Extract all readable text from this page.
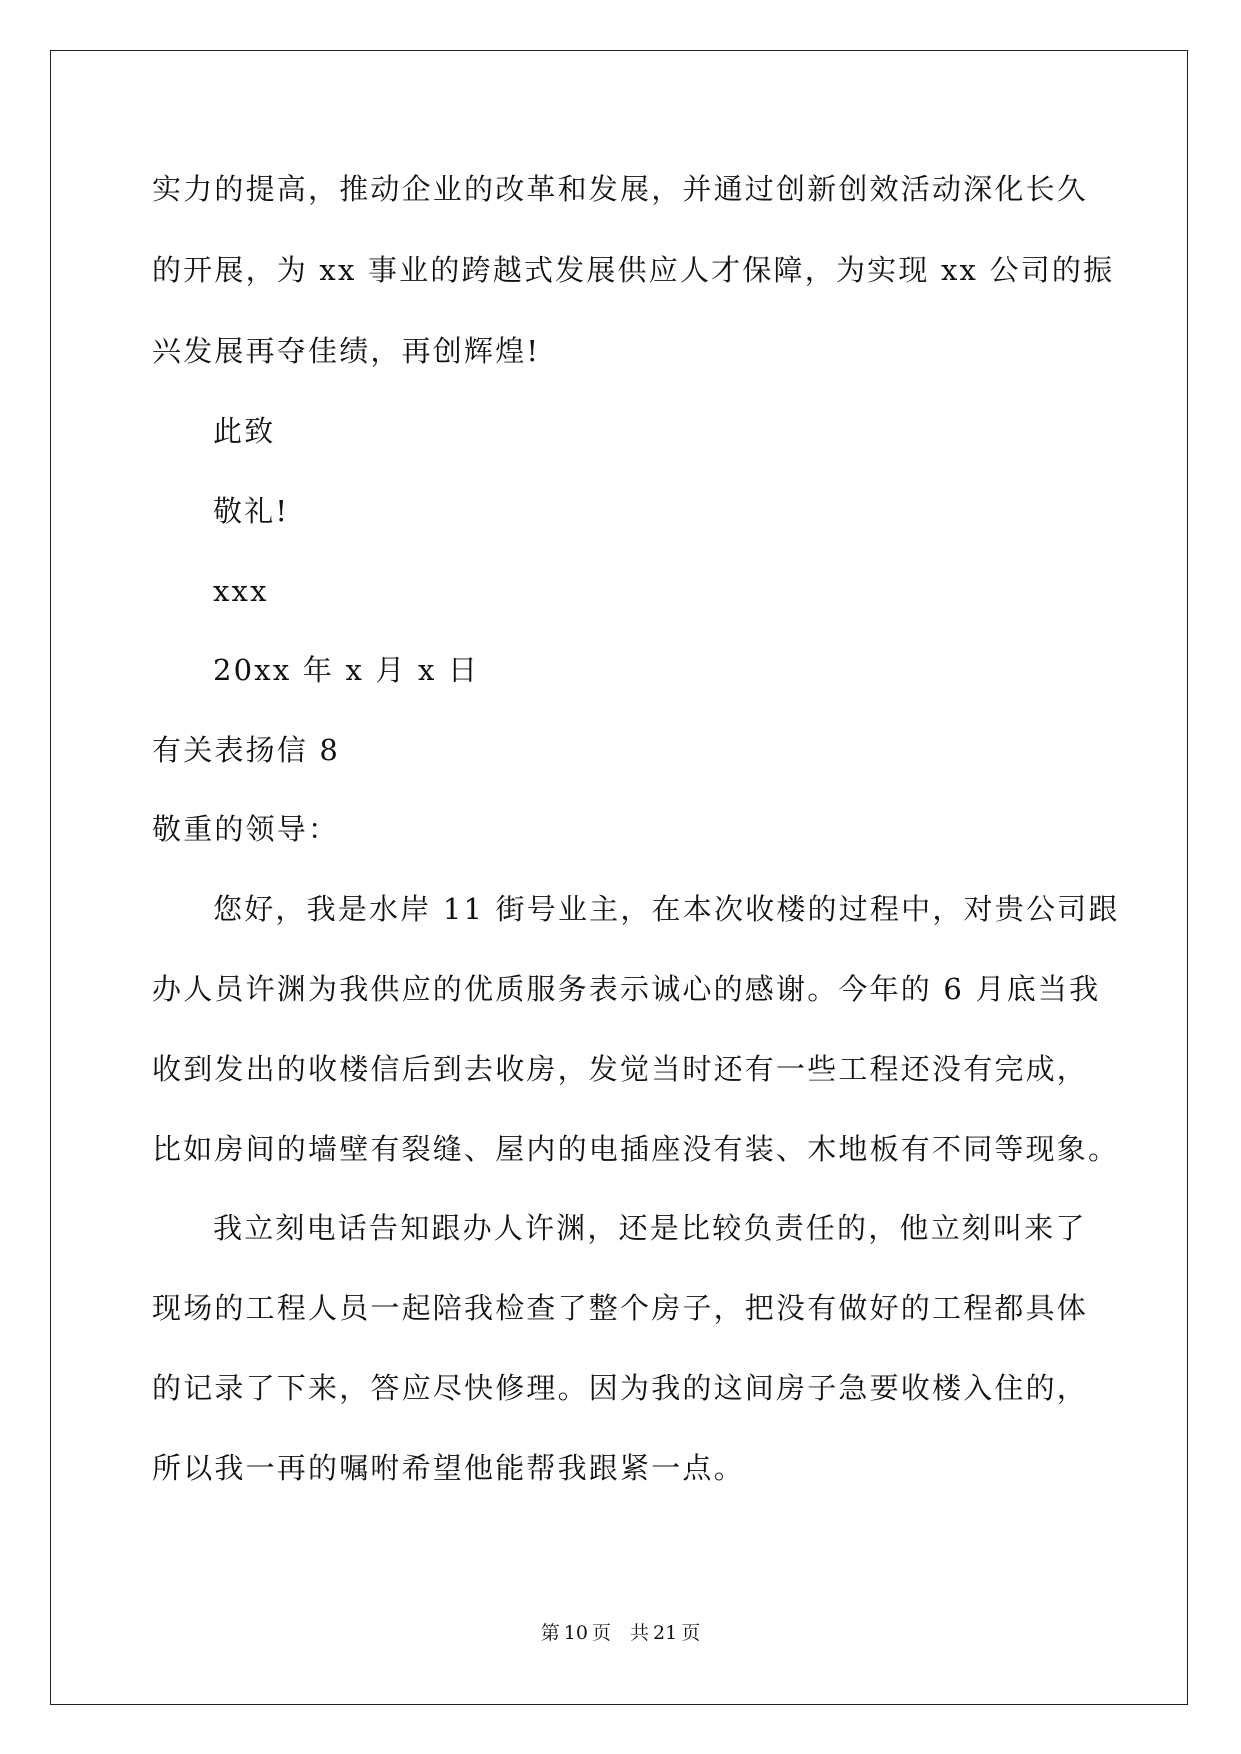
实力的提高，推动企业的改革和发展，并通过创新创效活动深化长久

的开展，为 xx 事业的跨越式发展供应人才保障，为实现 xx 公司的振

兴发展再夺佳绩，再创辉煌!

此致

敬礼!

xxx

20xx 年 x 月 x 日

有关表扬信 8

敬重的领导：

您好，我是水岸 11 街号业主，在本次收楼的过程中，对贵公司跟

办人员许渊为我供应的优质服务表示诚心的感谢。今年的 6 月底当我

收到发出的收楼信后到去收房，发觉当时还有一些工程还没有完成，

比如房间的墙壁有裂缝、屋内的电插座没有装、木地板有不同等现象。

我立刻电话告知跟办人许渊，还是比较负责任的，他立刻叫来了

现场的工程人员一起陪我检查了整个房子，把没有做好的工程都具体

的记录了下来，答应尽快修理。因为我的这间房子急要收楼入住的，

所以我一再的嘱咐希望他能帮我跟紧一点。

第 10 页　共 21 页
